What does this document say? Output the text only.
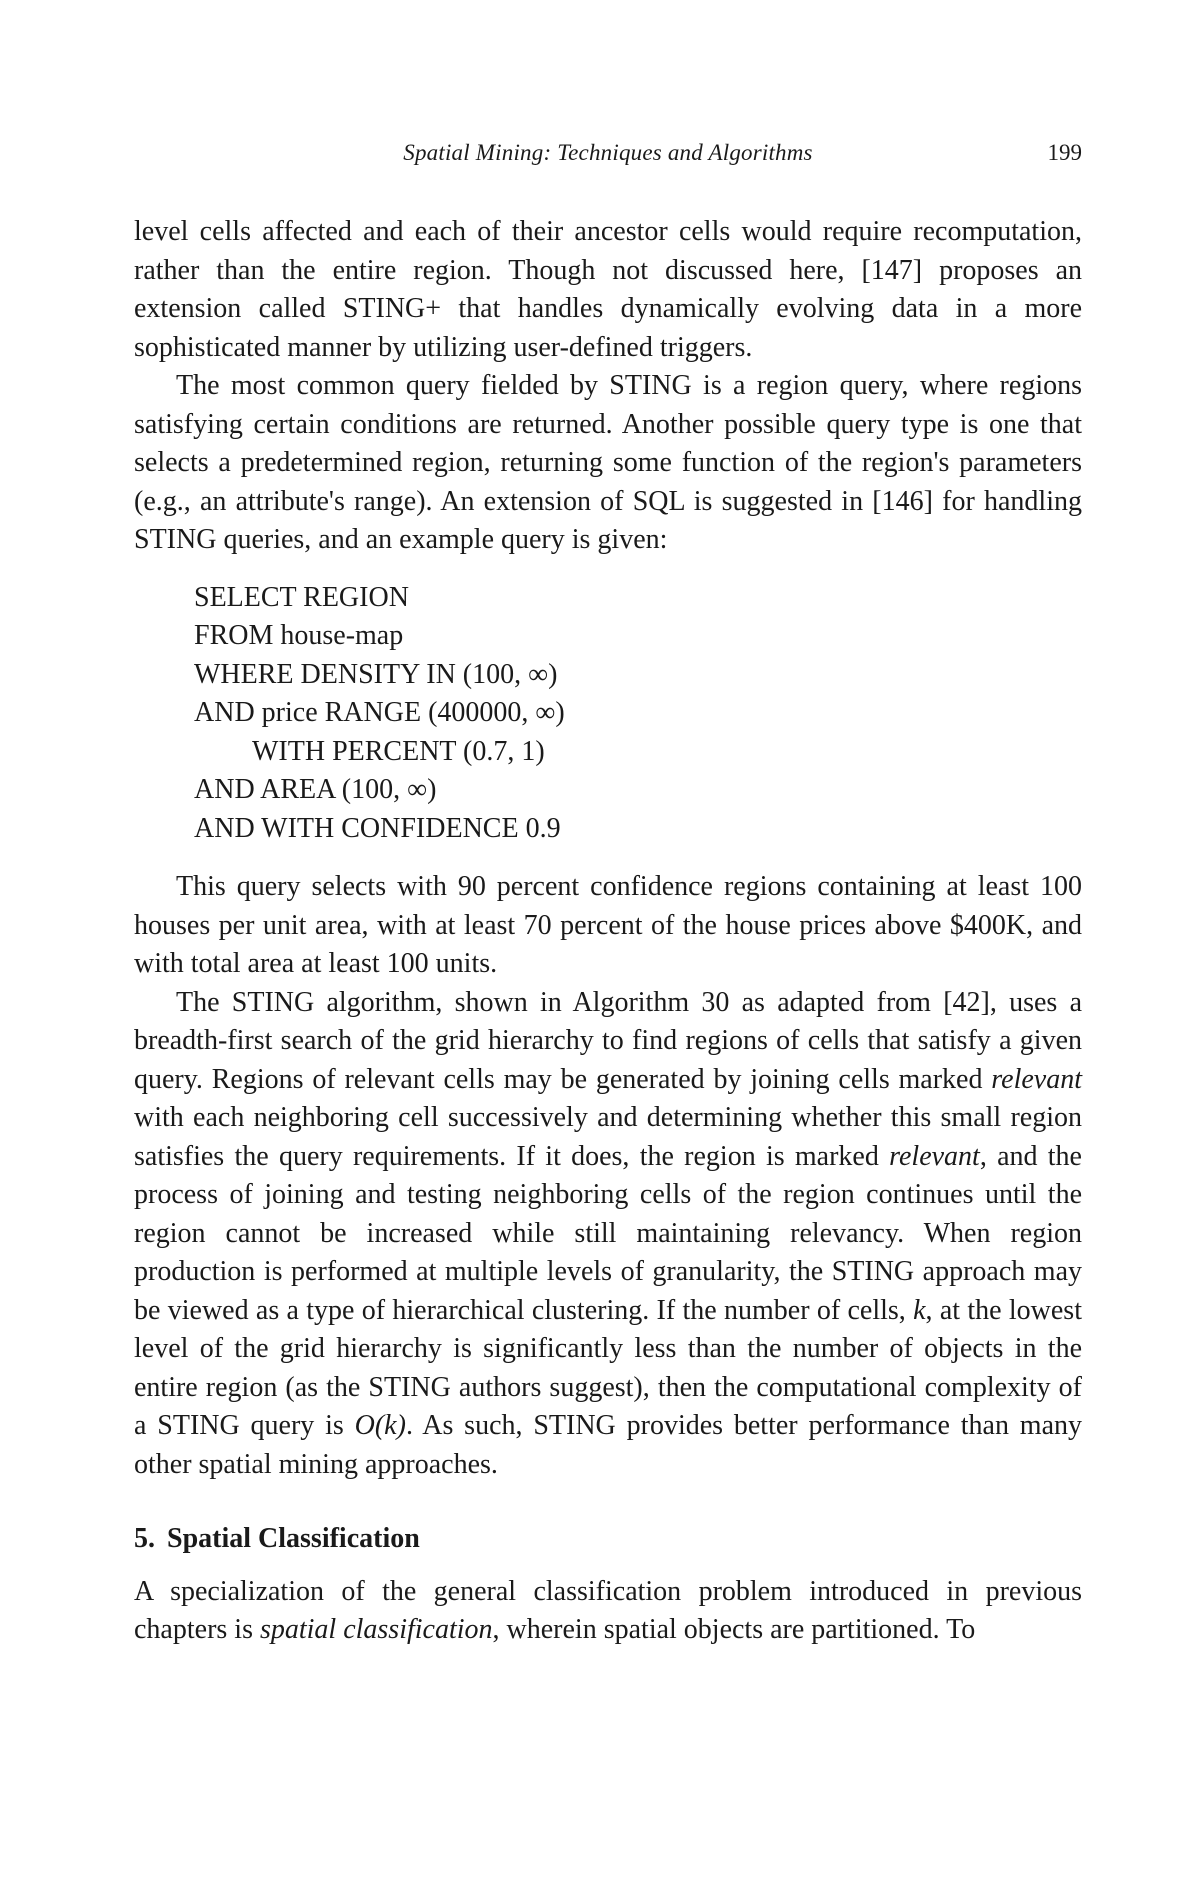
Spatial Mining: Techniques and Algorithms	199

level cells affected and each of their ancestor cells would require recomputation, rather than the entire region. Though not discussed here, [147] proposes an extension called STING+ that handles dynamically evolving data in a more sophisticated manner by utilizing user-defined triggers.

The most common query fielded by STING is a region query, where regions satisfying certain conditions are returned. Another possible query type is one that selects a predetermined region, returning some function of the region's parameters (e.g., an attribute's range). An extension of SQL is suggested in [146] for handling STING queries, and an example query is given:

SELECT REGION
FROM house-map
WHERE DENSITY IN (100, ∞)
AND price RANGE (400000, ∞)
WITH PERCENT (0.7, 1)
AND AREA (100, ∞)
AND WITH CONFIDENCE 0.9

This query selects with 90 percent confidence regions containing at least 100 houses per unit area, with at least 70 percent of the house prices above $400K, and with total area at least 100 units.

The STING algorithm, shown in Algorithm 30 as adapted from [42], uses a breadth-first search of the grid hierarchy to find regions of cells that satisfy a given query. Regions of relevant cells may be generated by joining cells marked relevant with each neighboring cell successively and determining whether this small region satisfies the query requirements. If it does, the region is marked relevant, and the process of joining and testing neighboring cells of the region continues until the region cannot be increased while still maintaining relevancy. When region production is performed at multiple levels of granularity, the STING approach may be viewed as a type of hierarchical clustering. If the number of cells, k, at the lowest level of the grid hierarchy is significantly less than the number of objects in the entire region (as the STING authors suggest), then the computational complexity of a STING query is O(k). As such, STING provides better performance than many other spatial mining approaches.

5. Spatial Classification

A specialization of the general classification problem introduced in previous chapters is spatial classification, wherein spatial objects are partitioned. To
